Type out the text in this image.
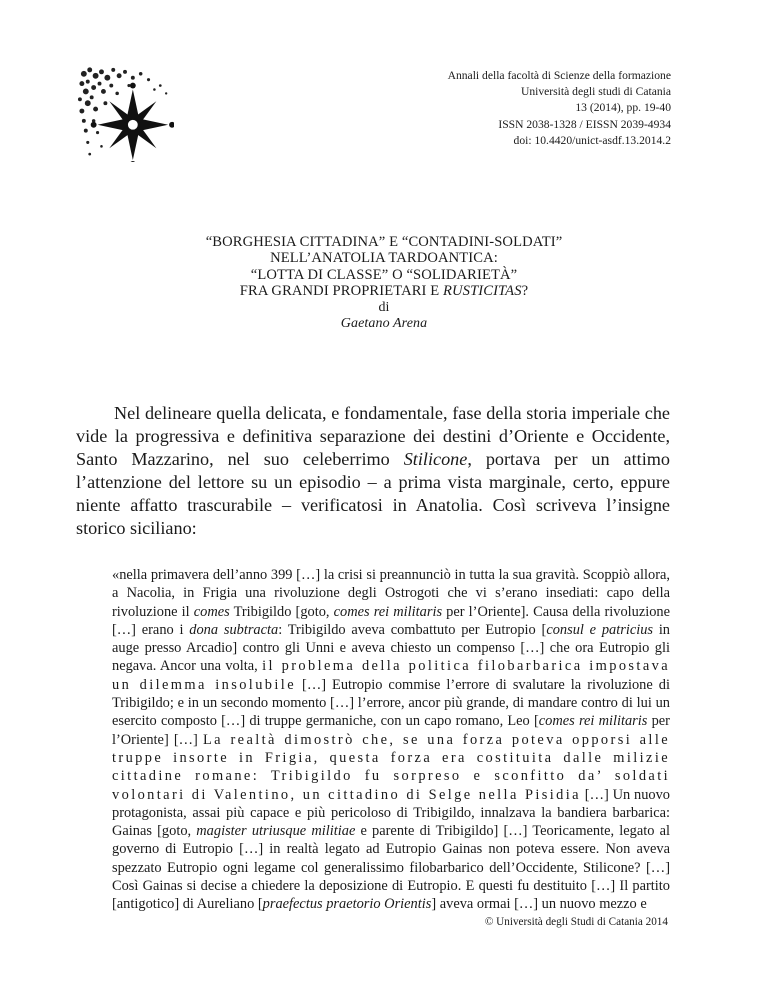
Annali della facoltà di Scienze della formazione
Università degli studi di Catania
13 (2014), pp. 19-40
ISSN 2038-1328 / EISSN 2039-4934
doi: 10.4420/unict-asdf.13.2014.2
“BORGHESIA CITTADINA” E “CONTADINI-SOLDATI”
NELL’ANATOLIA TARDOANTICA:
“LOTTA DI CLASSE” O “SOLIDARIETÀ”
FRA GRANDI PROPRIETARI E RUSTICITAS?
di
Gaetano Arena

Nel delineare quella delicata, e fondamentale, fase della storia imperiale che vide la progressiva e definitiva separazione dei destini d’Oriente e Occidente, Santo Mazzarino, nel suo celeberrimo Stilicone, portava per un attimo l’attenzione del lettore su un episodio – a prima vista marginale, certo, eppure niente affatto trascurabile – verificatosi in Anatolia. Così scriveva l’insigne storico siciliano:

«nella primavera dell’anno 399 […] la crisi si preannunciò in tutta la sua gravità. Scoppiò allora, a Nacolia, in Frigia una rivoluzione degli Ostrogoti che vi s’erano insediati: capo della rivoluzione il comes Tribigildo [goto, comes rei militaris per l’Oriente]. Causa della rivoluzione […] erano i dona subtracta: Tribigildo aveva combattuto per Eutropio [consul e patricius in auge presso Arcadio] contro gli Unni e aveva chiesto un compenso […] che ora Eutropio gli negava. Ancor una volta, il problema della politica filobarbarica impostava un dilemma insolubile […] Eutropio commise l’errore di svalutare la rivoluzione di Tribigildo; e in un secondo momento […] l’errore, ancor più grande, di mandare contro di lui un esercito composto […] di truppe germaniche, con un capo romano, Leo [comes rei militaris per l’Oriente] […] La realtà dimostrò che, se una forza poteva opporsi alle truppe insorte in Frigia, questa forza era costituita dalle milizie cittadine romane: Tribigildo fu sorpreso e sconfitto da’ soldati volontari di Valentino, un cittadino di Selge nella Pisidia […] Un nuovo protagonista, assai più capace e più pericoloso di Tribigildo, innalzava la bandiera barbarica: Gainas [goto, magister utriusque militiae e parente di Tribigildo] […] Teoricamente, legato al governo di Eutropio […] in realtà legato ad Eutropio Gainas non poteva essere. Non aveva spezzato Eutropio ogni legame col generalissimo filobarbarico dell’Occidente, Stilicone? […] Così Gainas si decise a chiedere la deposizione di Eutropio. E questi fu destituito […] Il partito [antigotico] di Aureliano [praefectus praetorio Orientis] aveva ormai […] un nuovo mezzo e

© Università degli Studi di Catania 2014
